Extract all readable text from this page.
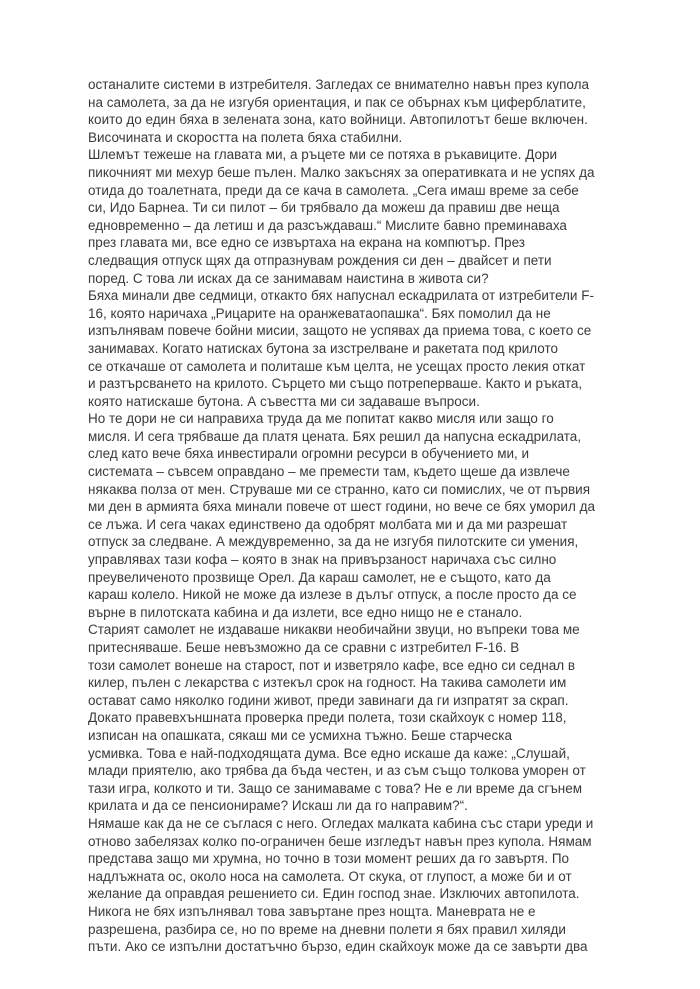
останалите системи в изтребителя. Загледах се внимателно навън през купола
на самолета, за да не изгубя ориентация, и пак се обърнах към циферблатите,
които до един бяха в зелената зона, като войници. Автопилотът беше включен.
Височината и скоростта на полета бяха стабилни.
Шлемът тежеше на главата ми, а ръцете ми се потяха в ръкавиците. Дори
пикочният ми мехур беше пълен. Малко закъснях за оперативката и не успях да
отида до тоалетната, преди да се кача в самолета. „Сега имаш време за себе
си, Идо Барнеа. Ти си пилот – би трябвало да можеш да правиш две неща
едновременно – да летиш и да разсъждаваш.“ Мислите бавно преминаваха
през главата ми, все едно се извъртаха на екрана на компютър. През
следващия отпуск щях да отпразнувам рождения си ден – двайсет и пети
поред. С това ли исках да се занимавам наистина в живота си?
Бяха минали две седмици, откакто бях напуснал ескадрилата от изтребители F-
16, която наричаха „Рицарите на оранжеватаопашка“. Бях помолил да не
изпълнявам повече бойни мисии, защото не успявах да приема това, с което се
занимавах. Когато натисках бутона за изстрелване и ракетата под крилото
се откачаше от самолета и политаше към целта, не усещах просто лекия откат
и разтърсването на крилото. Сърцето ми също потреперваше. Както и ръката,
която натискаше бутона. А съвестта ми си задаваше въпроси.
Но те дори не си направиха труда да ме попитат какво мисля или защо го
мисля. И сега трябваше да платя цената. Бях решил да напусна ескадрилата,
след като вече бяха инвестирали огромни ресурси в обучението ми, и
системата – съвсем оправдано – ме премести там, където щеше да извлече
някаква полза от мен. Струваше ми се странно, като си помислих, че от първия
ми ден в армията бяха минали повече от шест години, но вече се бях уморил да
се лъжа. И сега чаках единствено да одобрят молбата ми и да ми разрешат
отпуск за следване. А междувременно, за да не изгубя пилотските си умения,
управлявах тази кофа – която в знак на привързаност наричаха със силно
преувеличеното прозвище Орел. Да караш самолет, не е същото, като да
караш колело. Никой не може да излезе в дълъг отпуск, а после просто да се
върне в пилотската кабина и да излети, все едно нищо не е станало.
Старият самолет не издаваше никакви необичайни звуци, но въпреки това ме
притесняваше. Беше невъзможно да се сравни с изтребител F-16. В
този самолет вонеше на старост, пот и изветряло кафе, все едно си седнал в
килер, пълен с лекарства с изтекъл срок на годност. На такива самолети им
остават само няколко години живот, преди завинаги да ги изпратят за скрап.
Докато правевхъншната проверка преди полета, този скайхоук с номер 118,
изписан на опашката, сякаш ми се усмихна тъжно. Беше старческа
усмивка. Това е най-подходящата дума. Все едно искаше да каже: „Слушай,
млади приятелю, ако трябва да бъда честен, и аз съм също толкова уморен от
тази игра, колкото и ти. Защо се занимаваме с това? Не е ли време да сгънем
крилата и да се пенсионираме? Искаш ли да го направим?“.
Нямаше как да не се съглася с него. Огледах малката кабина със стари уреди и
отново забелязах колко по-ограничен беше изгледът навън през купола. Нямам
представа защо ми хрумна, но точно в този момент реших да го завъртя. По
надлъжната ос, около носа на самолета. От скука, от глупост, а може би и от
желание да оправдая решението си. Един господ знае. Изключих автопилота.
Никога не бях изпълнявал това завъртане през нощта. Маневрата не е
разрешена, разбира се, но по време на дневни полети я бях правил хиляди
пъти. Ако се изпълни достатъчно бързо, един скайхоук може да се завърти два
